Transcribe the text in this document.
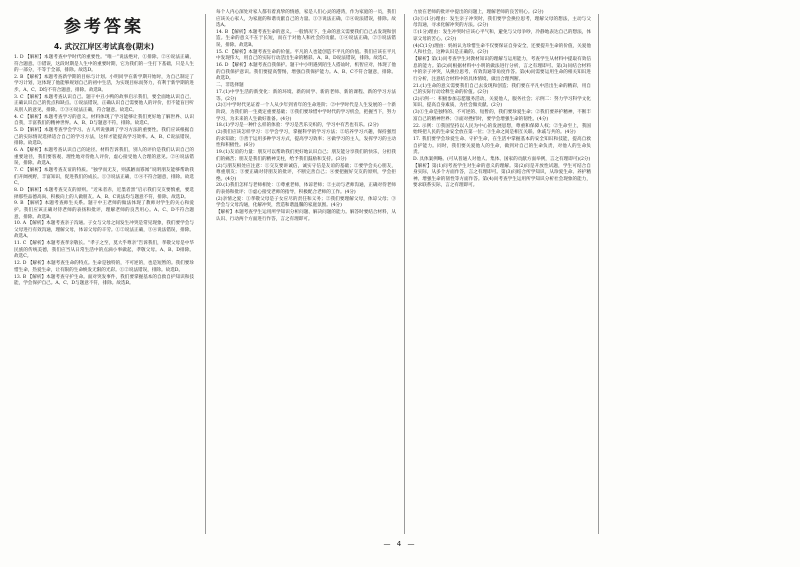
参考答案
4. 武汉江岸区考试真卷(期末)
1. D 【解析】本题考查中学时代的重要性。“唯一”说法绝对，①排除。②④说法正确，符合题意。③错误，这段时期是人生中的重要时期，它为我们的一生打下基础，只是人生的一部分，不等于全部，排除。故选D。
2. B 【解析】本题考查新学期的目标与计划。小明同学在新学期开始时，为自己制定了学习计划，这体现了他能够规划自己的初中生活，为实现目标而努力，有利于新学期的进步。A、C、D均不符合题意，排除。故选B。
3. C 【解析】本题考查认识自己。题干中丑小鸭的故事启示我们，要全面地认识自己，正确认识自己的优点和缺点。①说法错误，正确认识自己需要他人的评价，但不能盲目听从别人的意见，排除。②③④说法正确，符合题意。故选C。
4. C 【解析】本题考查学习的意义。材料体现了学习能够让我们更好地了解世界、认识自我，丰富我们的精神世界。A、B、D与题意不符，排除。故选C。
5. D 【解析】本题考查学会学习。古人所说强调了学习方法的重要性。我们应该根据自己的实际情况选择适合自己的学习方法，这样才能提高学习效率。A、B、C说法错误，排除。故选D。
6. A 【解析】本题考查认识自己的途径。材料告诉我们，别人的评价是我们认识自己的重要途径，我们要客观、理性地对待他人评价，虚心接受他人合理的意见。②④说法错误，排除。故选A。
7. C 【解析】本题考查友谊的特质。“独学而无友，则孤陋而寡闻”说明朋友能够帮助我们开阔视野，丰富知识，促进我们的成长。①③说法正确，②④不符合题意，排除。故选C。
8. D 【解析】本题考查交友的原则。“近朱者赤，近墨者黑”启示我们交友要慎重，要选择那些品德高尚、积极向上的人做朋友。A、B、C说法均与题意不符，排除。故选D。
9. B 【解析】本题考查师生关系。题干中王老师的做法体现了教师对学生的关心和爱护。我们应该正确对待老师的表扬和批评，理解老师的良苦用心。A、C、D不符合题意，排除。故选B。
10. A 【解析】本题考查亲子沟通。子女与父母之间发生冲突是常见现象，我们要学会与父母进行有效沟通，理解父母，体谅父母的辛劳。①②说法正确，③④说法错误，排除。故选A。
11. C 【解析】本题考查孝亲敬长。“孝子之至，莫大乎尊亲”告诉我们，孝敬父母是中华民族的传统美德，我们应当从日常生活中的点滴小事做起，孝敬父母。A、B、D排除。故选C。
12. D 【解析】本题考查生命的特点。生命是独特的，不可逆的，也是短暂的。我们要珍惜生命，热爱生命，让有限的生命焕发无限的光彩。①②说法错误，排除。故选D。
13. B 【解析】本题考查守护生命。面对突发事件，我们要掌握基本的自救自护知识和技能，学会保护自己。A、C、D与题意不符，排除。故选B。
每个人内心深处对家人都有着真挚的情感，家是人们心灵的港湾，作为家庭的一员，我们应该关心家人，为家庭的和谐贡献自己的力量。①③说法正确，②④说法错误，排除。故选A。
14. B 【解析】本题考查生命的意义。一般情况下，生命的意义需要我们自己去发现和创造。生命的意义不在于长短，而在于对他人和社会的贡献。①④说法正确，②③说法错误，排除。故选B。
15. C 【解析】本题考查生命的价值。平凡的人也能创造不平凡的价值。我们应该在平凡中发现伟大，用自己的实际行动活出生命的精彩。A、B、D说法错误，排除。故选C。
16. D 【解析】本题考查自我保护。题干中小明遇到陌生人搭讪时，机智应对，体现了他的自我保护意识。我们要提高警惕，增强自我保护能力。A、B、C不符合题意，排除。故选D。
二、非选择题
17.(1)中学生活的新变化：新的环境、新的同学、新的老师、新的课程、新的学习方法等。(2分)
(2)①中学时代见证着一个人从少年到青年的生命进阶；②中学时代是人生发展的一个新阶段，为我们的一生奠定重要基础；③我们要珍惜中学时代的学习机会，把握当下，努力学习，为未来的人生做好准备。(4分)
18.(1)学习是一种什么样的体验：学习是苦乐交织的，学习中有苦也有乐。(2分)
(2)我们应该怎样学习：①学会学习，掌握科学的学习方法；②培养学习兴趣，保持强烈的求知欲；③善于运用多种学习方式，提高学习效率；④做学习的主人，发挥学习的主动性和积极性。(6分)
19.(1)友谊的力量：朋友可以帮助我们更好地认识自己；朋友能分享我们的快乐，分担我们的痛苦；朋友是我们的精神支柱，给予我们鼓励和支持。(3分)
(2)与朋友相处应注意：①交友要讲诚信，诚实守信是友谊的基础；②要学会关心朋友，尊重朋友；③要正确对待朋友的批评，不断完善自己；④要把握好交友的原则，学会拒绝。(4分)
20.(1)我们怎样与老师相处：①尊重老师，体谅老师；②主动与老师沟通，正确对待老师的表扬和批评；③虚心接受老师的指导，积极配合老师的工作。(4分)
(2)亲情之爱：①孝敬父母是子女应尽的责任和义务；②我们要理解父母，体谅父母；③学会与父母沟通，化解冲突，营造和谐温馨的家庭氛围。(4分)
【解析】本题考查学生运用所学知识分析问题、解决问题的能力。解答时要结合材料，从认识、行动两个方面进行作答，言之有理即可。
力放在老师的批评中提出的问题上，理解老师的良苦用心。(2分)
(3)①(1分)理由：发生亲子冲突时，我们要学会换位思考，理解父母的想法，主动与父母沟通，寻求化解冲突的方法。(2分)
②(1分)理由：发生冲突时应该心平气和，避免与父母争吵，冷静地表达自己的想法，体谅父母的苦心。(2分)
(4)C(1分)理由：妈妈认为珍惜生命不仅要保证自身安全，还要提升生命的价值，关爱他人和社会，这种认识是正确的。(2分)
【解析】第(1)问考查学生对教材知识的理解与运用能力，考查学生从材料中提取有效信息的能力。第(2)问根据材料中小明的做法进行分析，言之有理即可。第(3)问结合材料中的亲子冲突，从换位思考、有效沟通等角度作答。第(4)问需要运用生命的相关知识进行分析，注意结合材料中的具体情境，做出合理判断。
21.(1)生命的意义需要我们自己去发现和创造；我们要在平凡中活出生命的精彩，用自己的实际行动诠释生命的价值。(2分)
(2)示例一：积极参加志愿服务活动，关爱他人，服务社会；示例二：努力学习科学文化知识，提高自身素质，为社会做贡献。(2分)
(3)①生命是独特的、不可逆的、短暂的，我们要珍爱生命；②我们要养护精神，不断丰富自己的精神世界；③面对挫折时，要学会增强生命的韧性。(4分)
22. 示例：①我国坚持以人民为中心的发展思想，尊重和保障人权；②生命至上，我国始终把人民的生命安全放在第一位；③生命之间是相互关联、休戚与共的。(4分)
17. 我们要学会珍爱生命、守护生命，在生活中掌握基本的安全知识和技能，提高自救自护能力。同时，我们要关爱他人的生命，做到对自己的生命负责，对他人的生命负责。
D. 具体案例略。(可从普通人对他人、集体、国家的贡献方面举例，言之有理即可)(2分)
【解析】第(1)问考查学生对生命的意义的理解。第(2)问是开放性试题，学生可结合自身实际，从多个方面作答，言之有理即可。第(3)问结合所学知识，从珍爱生命、养护精神、增强生命的韧性等方面作答。第(4)问考查学生运用所学知识分析社会现象的能力，要求联系实际，言之有理即可。
— 4 —
